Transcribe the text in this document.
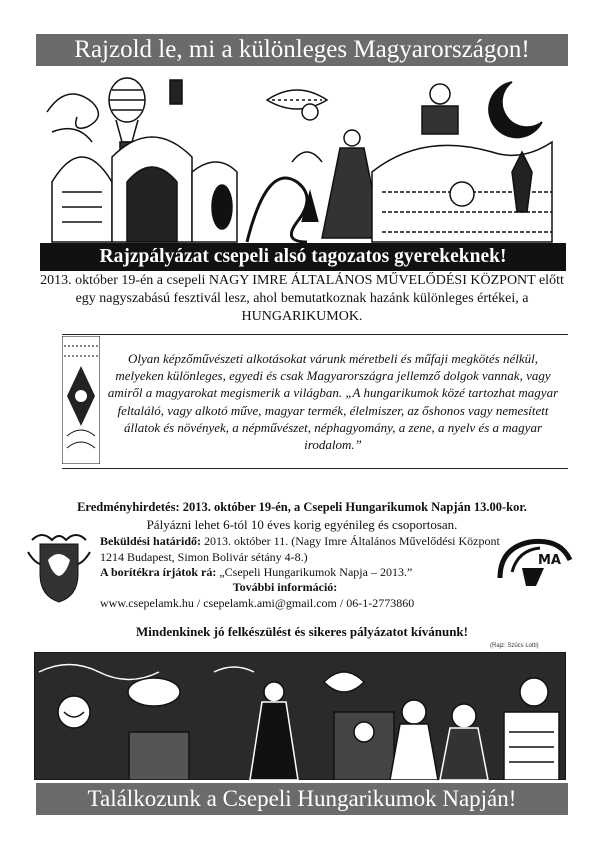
Rajzold le, mi a különleges Magyarországon!
Rajzpályázat csepeli alsó tagozatos gyerekeknek!
2013. október 19-én a csepeli NAGY IMRE ÁLTALÁNOS MŰVELŐDÉSI KÖZPONT előtt egy nagyszabású fesztivál lesz, ahol bemutatkoznak hazánk különleges értékei, a HUNGARIKUMOK.
Olyan képzőművészeti alkotásokat várunk méretbeli és műfaji megkötés nélkül, melyeken különleges, egyedi és csak Magyarországra jellemző dolgok vannak, vagy amiről a magyarokat megismerik a világban. „A hungarikumok közé tartozhat magyar feltaláló, vagy alkotó műve, magyar termék, élelmiszer, az őshonos vagy nemesített állatok és növények, a népművészet, néphagyomány, a zene, a nyelv és a magyar irodalom.”
Eredményhirdetés: 2013. október 19-én, a Csepeli Hungarikumok Napján 13.00-kor.
Pályázni lehet 6-tól 10 éves korig egyénileg és csoportosan.
Beküldési határidő: 2013. október 11. (Nagy Imre Általános Művelődési Központ 1214 Budapest, Simon Bolivár sétány 4-8.)
A borítékra írjátok rá: „Csepeli Hungarikumok Napja – 2013.”
További információ:
www.csepelamk.hu / csepelamk.ami@gmail.com / 06-1-2773860
MA
Mindenkinek jó felkészülést és sikeres pályázatot kívánunk!
(Rajz: Szücs Lotti)
Találkozunk a Csepeli Hungarikumok Napján!
